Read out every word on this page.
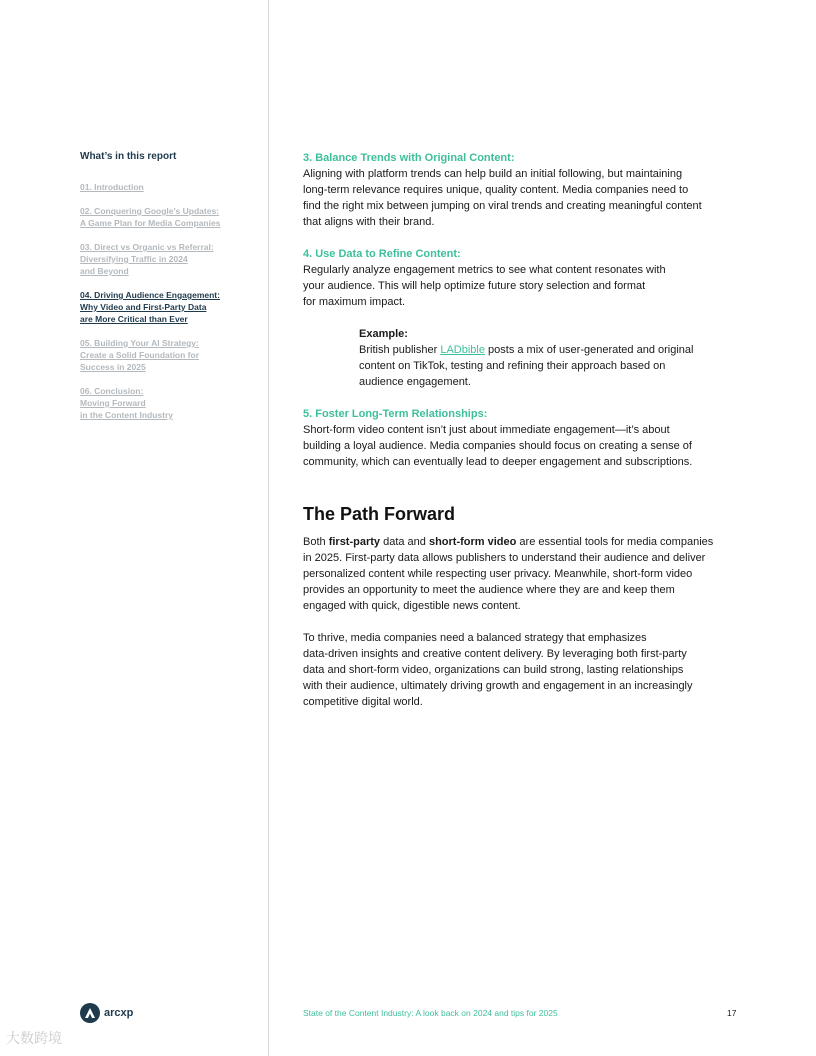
What’s in this report
01. Introduction
02. Conquering Google’s Updates:
A Game Plan for Media Companies
03. Direct vs Organic vs Referral:
Diversifying Traffic in 2024
and Beyond
04. Driving Audience Engagement:
Why Video and First-Party Data
are More Critical than Ever
05. Building Your AI Strategy:
Create a Solid Foundation for
Success in 2025
06. Conclusion:
Moving Forward
in the Content Industry
3. Balance Trends with Original Content:
Aligning with platform trends can help build an initial following, but maintaining
long-term relevance requires unique, quality content. Media companies need to
find the right mix between jumping on viral trends and creating meaningful content
that aligns with their brand.
4. Use Data to Refine Content:
Regularly analyze engagement metrics to see what content resonates with
your audience. This will help optimize future story selection and format
for maximum impact.
Example:
British publisher LADbible posts a mix of user-generated and original
content on TikTok, testing and refining their approach based on
audience engagement.
5. Foster Long-Term Relationships:
Short-form video content isn’t just about immediate engagement—it’s about
building a loyal audience. Media companies should focus on creating a sense of
community, which can eventually lead to deeper engagement and subscriptions.
The Path Forward
Both first-party data and short-form video are essential tools for media companies
in 2025. First-party data allows publishers to understand their audience and deliver
personalized content while respecting user privacy. Meanwhile, short-form video
provides an opportunity to meet the audience where they are and keep them
engaged with quick, digestible news content.
To thrive, media companies need a balanced strategy that emphasizes
data-driven insights and creative content delivery. By leveraging both first-party
data and short-form video, organizations can build strong, lasting relationships
with their audience, ultimately driving growth and engagement in an increasingly
competitive digital world.
arcxp	State of the Content Industry: A look back on 2024 and tips for 2025	17
大数跨境
